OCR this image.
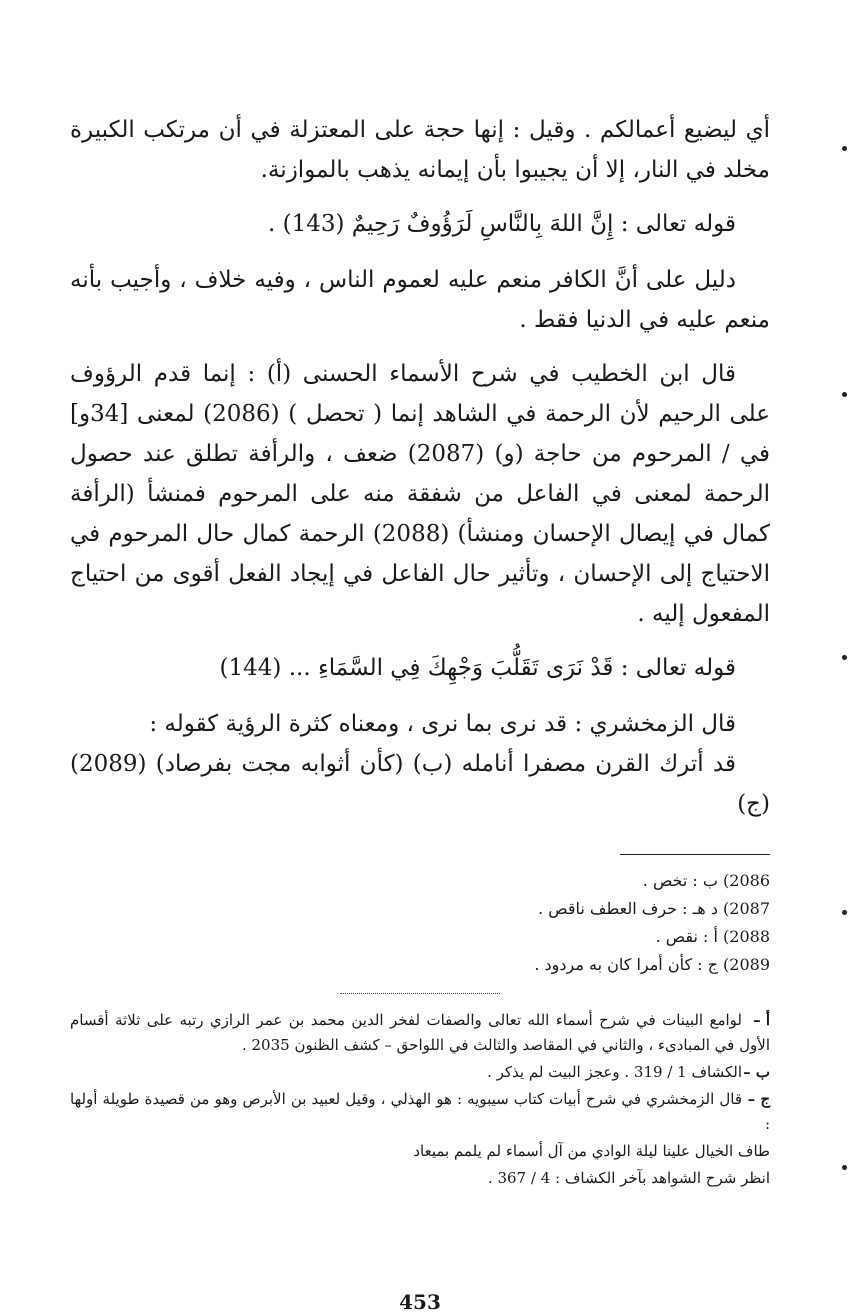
أي ليضيع أعمالكم . وقيل : إنها حجة على المعتزلة في أن مرتكب الكبيرة مخلد في النار، إلا أن يجيبوا بأن إيمانه يذهب بالموازنة.

قوله تعالى : إِنَّ اللهَ بِالنَّاسِ لَرَؤُوفٌ رَحِيمٌ (143) .

دليل على أنَّ الكافر منعم عليه لعموم الناس ، وفيه خلاف ، وأجيب بأنه منعم عليه في الدنيا فقط .

قال ابن الخطيب في شرح الأسماء الحسنى (أ) : إنما قدم الرؤوف على الرحيم لأن الرحمة في الشاهد إنما ( تحصل ) (2086) لمعنى [34و] في / المرحوم من حاجة (و) (2087) ضعف ، والرأفة تطلق عند حصول الرحمة لمعنى في الفاعل من شفقة منه على المرحوم فمنشأ (الرأفة كمال في إيصال الإحسان ومنشأ) (2088) الرحمة كمال حال المرحوم في الاحتياج إلى الإحسان ، وتأثير حال الفاعل في إيجاد الفعل أقوى من احتياج المفعول إليه .

قوله تعالى : قَدْ نَرَى تَقَلُّبَ وَجْهِكَ فِي السَّمَاءِ ... (144)

قال الزمخشري : قد نرى بما نرى ، ومعناه كثرة الرؤية كقوله :
قد أترك القرن مصفرا أنامله (ب) (كأن أثوابه مجت بفرصاد) (2089) (ج)

2086) ب : تخص .
2087) د هـ : حرف العطف ناقص .
2088) أ : نقص .
2089) ج : كأن أمرا كان به مردود .
أ –لوامع البينات في شرح أسماء الله تعالى والصفات لفخر الدين محمد بن عمر الرازي رتبه على ثلاثة أقسام الأول في المبادىء ، والثاني في المقاصد والثالث في اللواحق – كشف الظنون 2035 .
ب –الكشاف 1 / 319 . وعجز البيت لم يذكر .
ج –قال الزمخشري في شرح أبيات كتاب سيبويه : هو الهذلي ، وقيل لعبيد بن الأبرص وهو من قصيدة طويلة أولها :
طاف الخيال علينا ليلة الوادي من آل أسماء لم يلمم بميعاد
انظر شرح الشواهد بآخر الكشاف : 4 / 367 .
453
